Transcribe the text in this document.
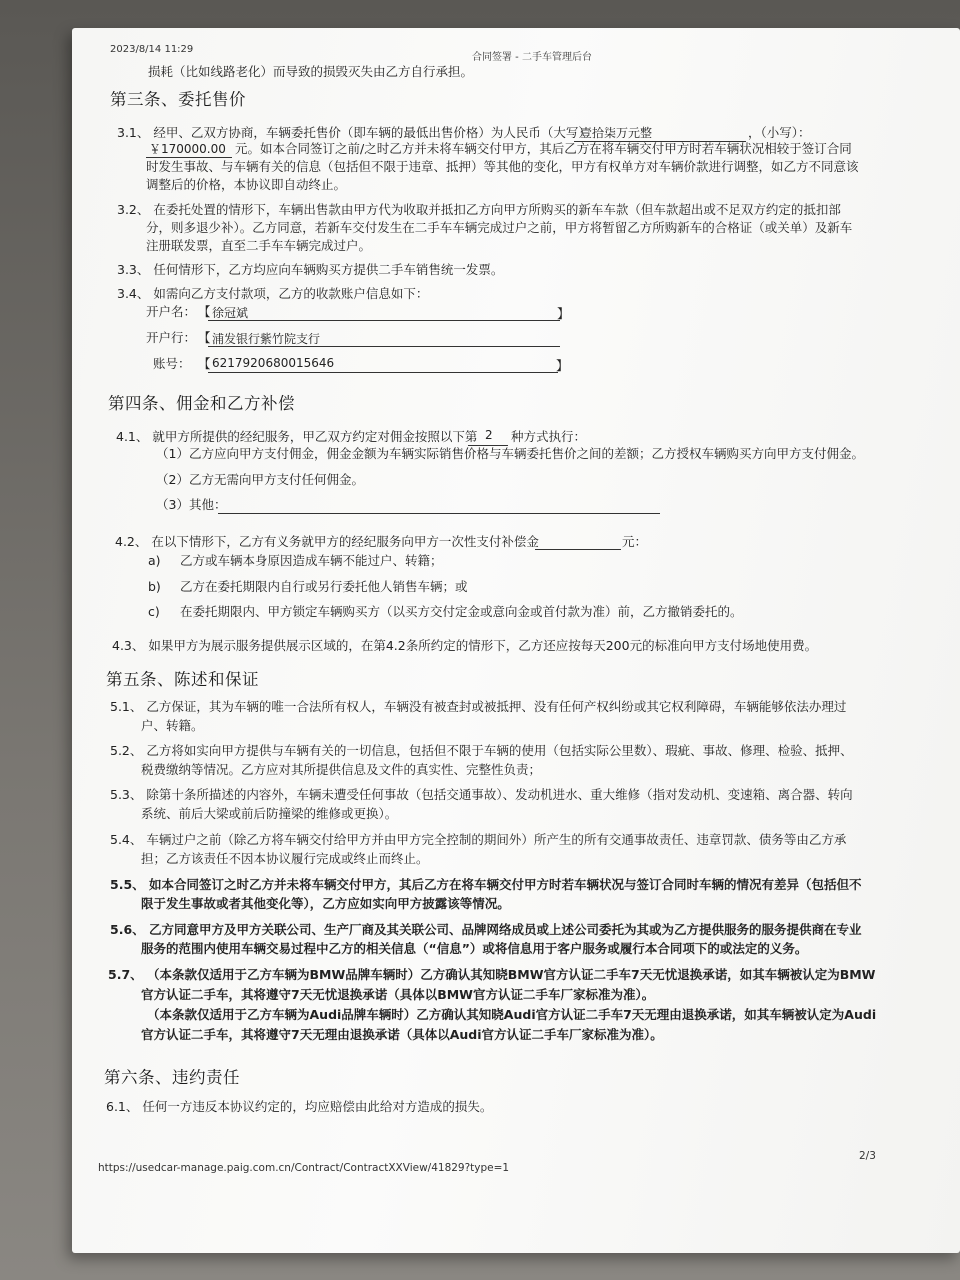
2023/8/14 11:29
合同签署 - 二手车管理后台
损耗（比如线路老化）而导致的损毁灭失由乙方自行承担。
第三条、委托售价
3.1、 经甲、乙双方协商，车辆委托售价（即车辆的最低出售价格）为人民币（大写）
壹拾柒万元整	，（小写）：
￥170000.00 元。如本合同签订之前/之时乙方并未将车辆交付甲方，其后乙方在将车辆交付甲方时若车辆状况相较于签订合同
时发生事故、与车辆有关的信息（包括但不限于违章、抵押）等其他的变化，甲方有权单方对车辆价款进行调整，如乙方不同意该
调整后的价格，本协议即自动终止。
3.2、 在委托处置的情形下，车辆出售款由甲方代为收取并抵扣乙方向甲方所购买的新车车款（但车款超出或不足双方约定的抵扣部
分，则多退少补）。乙方同意，若新车交付发生在二手车车辆完成过户之前，甲方将暂留乙方所购新车的合格证（或关单）及新车
注册联发票，直至二手车车辆完成过户。
3.3、 任何情形下，乙方均应向车辆购买方提供二手车销售统一发票。
3.4、 如需向乙方支付款项，乙方的收款账户信息如下：
开户名： 【 徐冠斌	】
开户行： 【 浦发银行紫竹院支行
账号： 【 6217920680015646	】
第四条、佣金和乙方补偿
4.1、 就甲方所提供的经纪服务，甲乙双方约定对佣金按照以下第 2 种方式执行：
（1）乙方应向甲方支付佣金，佣金金额为车辆实际销售价格与车辆委托售价之间的差额；乙方授权车辆购买方向甲方支付佣金。
（2）乙方无需向甲方支付任何佣金。
（3）其他：
4.2、 在以下情形下，乙方有义务就甲方的经纪服务向甲方一次性支付补偿金	元：
a) 乙方或车辆本身原因造成车辆不能过户、转籍；
b) 乙方在委托期限内自行或另行委托他人销售车辆；或
c) 在委托期限内、甲方锁定车辆购买方（以买方交付定金或意向金或首付款为准）前，乙方撤销委托的。
4.3、 如果甲方为展示服务提供展示区域的，在第4.2条所约定的情形下，乙方还应按每天200元的标准向甲方支付场地使用费。
第五条、陈述和保证
5.1、 乙方保证，其为车辆的唯一合法所有权人，车辆没有被查封或被抵押、没有任何产权纠纷或其它权利障碍，车辆能够依法办理过
户、转籍。
5.2、 乙方将如实向甲方提供与车辆有关的一切信息，包括但不限于车辆的使用（包括实际公里数）、瑕疵、事故、修理、检验、抵押、
税费缴纳等情况。乙方应对其所提供信息及文件的真实性、完整性负责；
5.3、 除第十条所描述的内容外，车辆未遭受任何事故（包括交通事故）、发动机进水、重大维修（指对发动机、变速箱、离合器、转向
系统、前后大梁或前后防撞梁的维修或更换）。
5.4、 车辆过户之前（除乙方将车辆交付给甲方并由甲方完全控制的期间外）所产生的所有交通事故责任、违章罚款、债务等由乙方承
担；乙方该责任不因本协议履行完成或终止而终止。
5.5、 如本合同签订之时乙方并未将车辆交付甲方，其后乙方在将车辆交付甲方时若车辆状况与签订合同时车辆的情况有差异（包括但不
限于发生事故或者其他变化等），乙方应如实向甲方披露该等情况。
5.6、 乙方同意甲方及甲方关联公司、生产厂商及其关联公司、品牌网络成员或上述公司委托为其或为乙方提供服务的服务提供商在专业
服务的范围内使用车辆交易过程中乙方的相关信息（“信息”）或将信息用于客户服务或履行本合同项下的或法定的义务。
5.7、 （本条款仅适用于乙方车辆为BMW品牌车辆时）乙方确认其知晓BMW官方认证二手车7天无忧退换承诺，如其车辆被认定为BMW
官方认证二手车，其将遵守7天无忧退换承诺（具体以BMW官方认证二手车厂家标准为准）。
（本条款仅适用于乙方车辆为Audi品牌车辆时）乙方确认其知晓Audi官方认证二手车7天无理由退换承诺，如其车辆被认定为Audi
官方认证二手车，其将遵守7天无理由退换承诺（具体以Audi官方认证二手车厂家标准为准）。
第六条、违约责任
6.1、 任何一方违反本协议约定的，均应赔偿由此给对方造成的损失。
2/3
https://usedcar-manage.paig.com.cn/Contract/ContractXXView/41829?type=1
